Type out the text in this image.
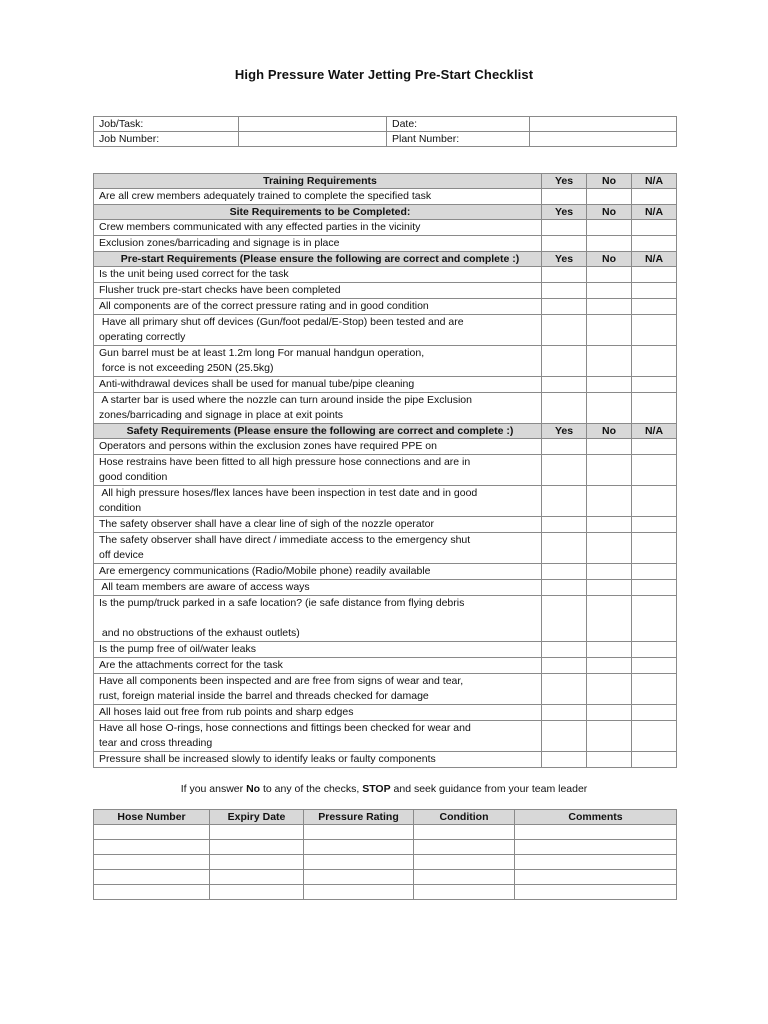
High Pressure Water Jetting Pre-Start Checklist
Job/Task:		Date:	
Job Number:		Plant Number:	
Training Requirements	Yes	No	N/A

Are all crew members adequately trained to complete the specified task			

Site Requirements to be Completed:	Yes	No	N/A

Crew members communicated with any effected parties in the vicinity			

Exclusion zones/barricading and signage is in place			

Pre-start Requirements (Please ensure the following are correct and complete :)	Yes	No	N/A

Is the unit being used correct for the task			

Flusher truck pre-start checks have been completed			

All components are of the correct pressure rating and in good condition			

Have all primary shut off devices (Gun/foot pedal/E-Stop) been tested and are
operating correctly			

Gun barrel must be at least 1.2m long For manual handgun operation,
force is not exceeding 250N (25.5kg)			

Anti-withdrawal devices shall be used for manual tube/pipe cleaning			

A starter bar is used where the nozzle can turn around inside the pipe Exclusion
zones/barricading and signage in place at exit points			

Safety Requirements (Please ensure the following are correct and complete :)	Yes	No	N/A

Operators and persons within the exclusion zones have required PPE on			

Hose restrains have been fitted to all high pressure hose connections and are in
good condition			

All high pressure hoses/flex lances have been inspection in test date and in good
condition			

The safety observer shall have a clear line of sigh of the nozzle operator			

The safety observer shall have direct / immediate access to the emergency shut
off device			

Are emergency communications (Radio/Mobile phone) readily available			

All team members are aware of access ways			

Is the pump/truck parked in a safe location? (ie safe distance from flying debris
and no obstructions of the exhaust outlets)			

Is the pump free of oil/water leaks			

Are the attachments correct for the task			

Have all components been inspected and are free from signs of wear and tear,
rust, foreign material inside the barrel and threads checked for damage			

All hoses laid out free from rub points and sharp edges			

Have all hose O-rings, hose connections and fittings been checked for wear and
tear and cross threading			

Pressure shall be increased slowly to identify leaks or faulty components			

If you answer No to any of the checks, STOP and seek guidance from your team leader
Hose Number	Expiry Date	Pressure Rating	Condition	Comments
